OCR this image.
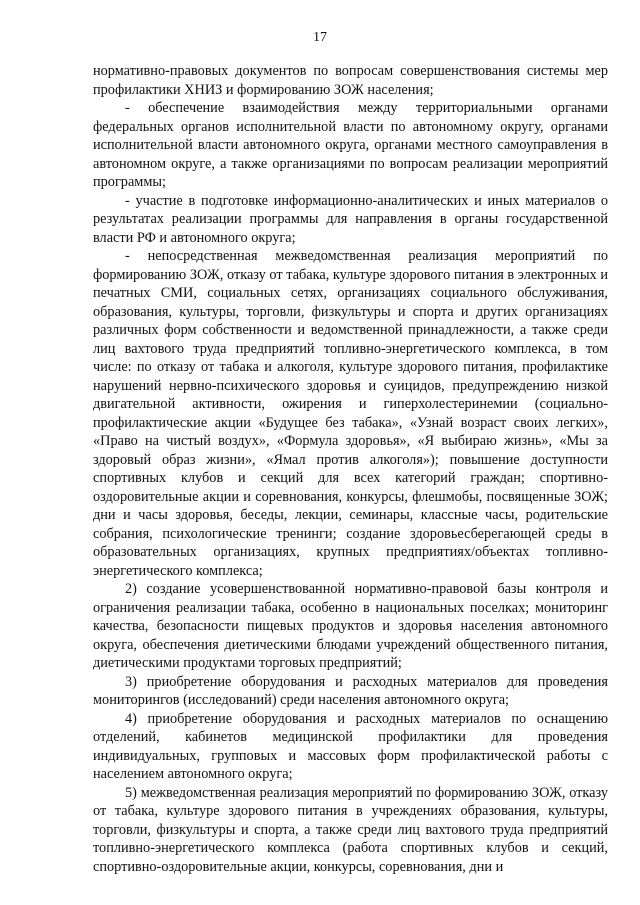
17

нормативно-правовых документов по вопросам совершенствования системы мер профилактики ХНИЗ и формированию ЗОЖ населения;

- обеспечение взаимодействия между территориальными органами федеральных органов исполнительной власти по автономному округу, органами исполнительной власти автономного округа, органами местного самоуправления в автономном округе, а также организациями по вопросам реализации мероприятий программы;

- участие в подготовке информационно-аналитических и иных материалов о результатах реализации программы для направления в органы государственной власти РФ и автономного округа;

- непосредственная межведомственная реализация мероприятий по формированию ЗОЖ, отказу от табака, культуре здорового питания в электронных и печатных СМИ, социальных сетях, организациях социального обслуживания, образования, культуры, торговли, физкультуры и спорта и других организациях различных форм собственности и ведомственной принадлежности, а также среди лиц вахтового труда предприятий топливно-энергетического комплекса, в том числе: по отказу от табака и алкоголя, культуре здорового питания, профилактике нарушений нервно-психического здоровья и суицидов, предупреждению низкой двигательной активности, ожирения и гиперхолестеринемии (социально-профилактические акции «Будущее без табака», «Узнай возраст своих легких», «Право на чистый воздух», «Формула здоровья», «Я выбираю жизнь», «Мы за здоровый образ жизни», «Ямал против алкоголя»); повышение доступности спортивных клубов и секций для всех категорий граждан; спортивно-оздоровительные акции и соревнования, конкурсы, флешмобы, посвященные ЗОЖ; дни и часы здоровья, беседы, лекции, семинары, классные часы, родительские собрания, психологические тренинги; создание здоровьесберегающей среды в образовательных организациях, крупных предприятиях/объектах топливно-энергетического комплекса;

2) создание усовершенствованной нормативно-правовой базы контроля и ограничения реализации табака, особенно в национальных поселках; мониторинг качества, безопасности пищевых продуктов и здоровья населения автономного округа, обеспечения диетическими блюдами учреждений общественного питания, диетическими продуктами торговых предприятий;

3) приобретение оборудования и расходных материалов для проведения мониторингов (исследований) среди населения автономного округа;

4) приобретение оборудования и расходных материалов по оснащению отделений, кабинетов медицинской профилактики для проведения индивидуальных, групповых и массовых форм профилактической работы с населением автономного округа;

5) межведомственная реализация мероприятий по формированию ЗОЖ, отказу от табака, культуре здорового питания в учреждениях образования, культуры, торговли, физкультуры и спорта, а также среди лиц вахтового труда предприятий топливно-энергетического комплекса (работа спортивных клубов и секций, спортивно-оздоровительные акции, конкурсы, соревнования, дни и
